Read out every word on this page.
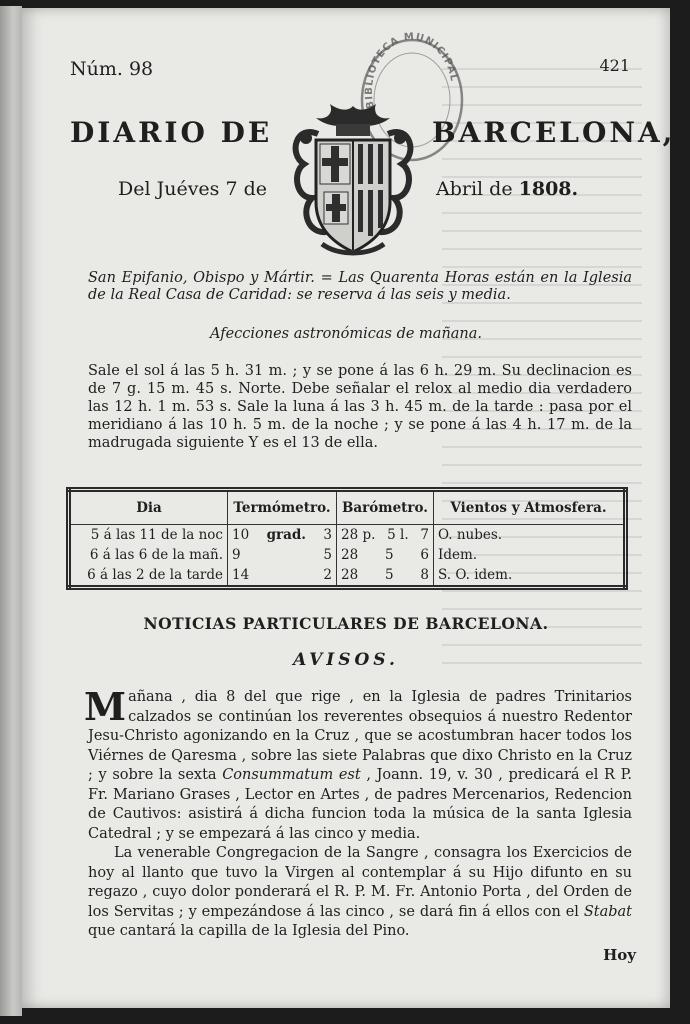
Núm. 98	421
BIBLIOTECA MUNICIPAL
DIARIO DE	BARCELONA,
Del Juéves 7 de	Abril de 1808.
San Epifanio, Obispo y Mártir. = Las Quarenta Horas están en la Iglesia de la Real Casa de Caridad: se reserva á las seis y media.
Afecciones astronómicas de mañana.
Sale el sol á las 5 h. 31 m. ; y se pone á las 6 h. 29 m. Su declinacion es de 7 g. 15 m. 45 s. Norte. Debe señalar el relox al medio dia verdadero las 12 h. 1 m. 53 s. Sale la luna á las 3 h. 45 m. de la tarde : pasa por el meridiano á las 10 h. 5 m. de la noche ; y se pone á las 4 h. 17 m. de la madrugada siguiente Y es el 13 de ella.
Dia	Termómetro.	Barómetro.	Vientos y Atmosfera.
5 á las 11 de la noc	10 grad. 3	28 p. 5 l. 7	O. nubes.
6 á las 6 de la mañ.	9 5	28 5 6	Idem.
6 á las 2 de la tarde	14 2	28 5 8	S. O. idem.
NOTICIAS PARTICULARES DE BARCELONA.
AVISOS.

Mañana , dia 8 del que rige , en la Iglesia de padres Trinitarios calzados se continúan los reverentes obsequios á nuestro Redentor Jesu-Christo agonizando en la Cruz , que se acostumbran hacer todos los Viérnes de Qaresma , sobre las siete Palabras que dixo Christo en la Cruz ; y sobre la sexta Consummatum est , Joann. 19, v. 30 , predicará el R P. Fr. Mariano Grases , Lector en Artes , de padres Mercenarios, Redencion de Cautivos: asistirá á dicha funcion toda la música de la santa Iglesia Catedral ; y se empezará á las cinco y media.

La venerable Congregacion de la Sangre , consagra los Exercicios de hoy al llanto que tuvo la Virgen al contemplar á su Hijo difunto en su regazo , cuyo dolor ponderará el R. P. M. Fr. Antonio Porta , del Orden de los Servitas ; y empezándose á las cinco , se dará fin á ellos con el Stabat que cantará la capilla de la Iglesia del Pino.

Hoy
